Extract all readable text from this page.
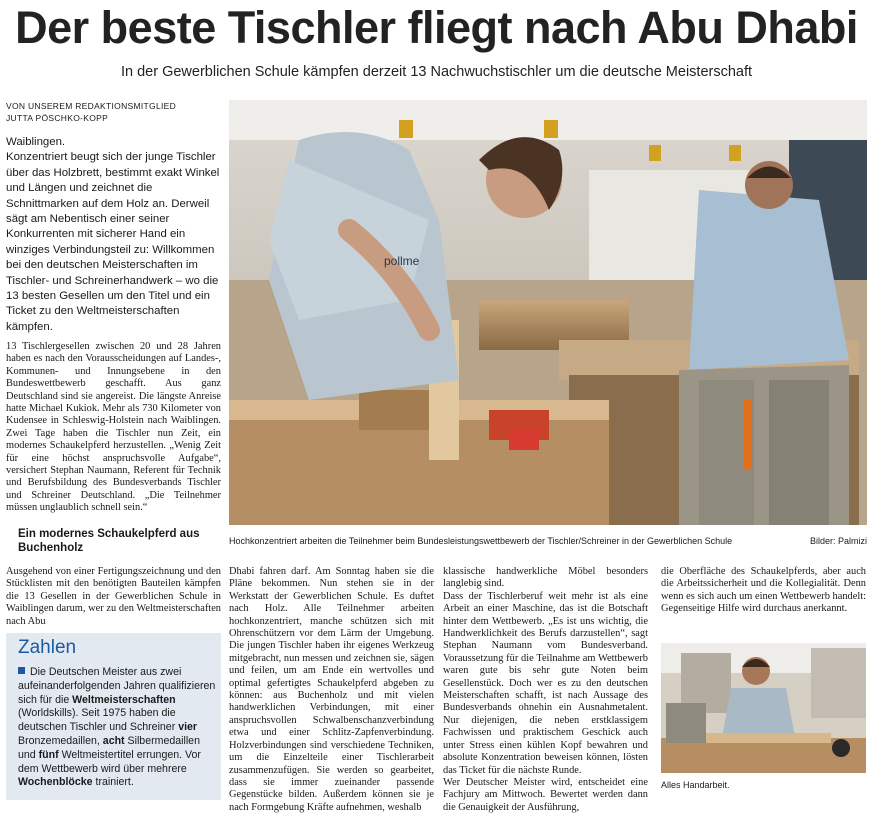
Der beste Tischler fliegt nach Abu Dhabi
In der Gewerblichen Schule kämpfen derzeit 13 Nachwuchstischler um die deutsche Meisterschaft
VON UNSEREM REDAKTIONSMITGLIED
JUTTA PÖSCHKO-KOPP

Waiblingen.
Konzentriert beugt sich der junge Tischler über das Holzbrett, bestimmt exakt Winkel und Längen und zeichnet die Schnittmarken auf dem Holz an. Derweil sägt am Nebentisch einer seiner Konkurrenten mit sicherer Hand ein winziges Verbindungsteil zu: Willkommen bei den deutschen Meisterschaften im Tischler- und Schreinerhandwerk – wo die 13 besten Gesellen um den Titel und ein Ticket zu den Weltmeisterschaften kämpfen.

13 Tischlergesellen zwischen 20 und 28 Jahren haben es nach den Vorausscheidungen auf Landes-, Kommunen- und Innungsebene in den Bundeswettbewerb geschafft. Aus ganz Deutschland sind sie angereist. Die längste Anreise hatte Michael Kukiok. Mehr als 730 Kilometer von Kudensee in Schleswig-Holstein nach Waiblingen. Zwei Tage haben die Tischler nun Zeit, ein modernes Schaukelpferd herzustellen. „Wenig Zeit für eine höchst anspruchsvolle Aufgabe“, versichert Stephan Naumann, Referent für Technik und Berufsbildung des Bundesverbands Tischler und Schreiner Deutschland. „Die Teilnehmer müssen unglaublich schnell sein.“

Ein modernes Schaukelpferd aus Buchenholz

Ausgehend von einer Fertigungszeichnung und den Stücklisten mit den benötigten Bauteilen kämpfen die 13 Gesellen in der Gewerblichen Schule in Waiblingen darum, wer zu den Weltmeisterschaften nach Abu

Dhabi fahren darf. Am Sonntag haben sie die Pläne bekommen. Nun stehen sie in der Werkstatt der Gewerblichen Schule. Es duftet nach Holz. Alle Teilnehmer arbeiten hochkonzentriert, manche schützen sich mit Ohrenschützern vor dem Lärm der Umgebung. Die jungen Tischler haben ihr eigenes Werkzeug mitgebracht, nun messen und zeichnen sie, sägen und feilen, um am Ende ein wertvolles und optimal gefertigtes Schaukelpferd abgeben zu können: aus Buchenholz und mit vielen handwerklichen Verbindungen, mit einer anspruchsvollen Schwalbenschanzverbindung etwa und einer Schlitz-Zapfenverbindung. Holzverbindungen sind verschiedene Techniken, um die Einzelteile einer Tischlerarbeit zusammenzufügen. Sie werden so gearbeitet, dass sie immer zueinander passende Gegenstücke bilden. Außerdem können sie je nach Formgebung Kräfte aufnehmen, weshalb

klassische handwerkliche Möbel besonders langlebig sind.
Dass der Tischlerberuf weit mehr ist als eine Arbeit an einer Maschine, das ist die Botschaft hinter dem Wettbewerb. „Es ist uns wichtig, die Handwerklichkeit des Berufs darzustellen“, sagt Stephan Naumann vom Bundesverband. Voraussetzung für die Teilnahme am Wettbewerb waren gute bis sehr gute Noten beim Gesellenstück. Doch wer es zu den deutschen Meisterschaften schafft, ist nach Aussage des Bundesverbands ohnehin ein Ausnahmetalent. Nur diejenigen, die neben erstklassigem Fachwissen und praktischem Geschick auch unter Stress einen kühlen Kopf bewahren und absolute Konzentration beweisen können, lösten das Ticket für die nächste Runde.
Wer Deutscher Meister wird, entscheidet eine Fachjury am Mittwoch. Bewertet werden dann die Genauigkeit der Ausführung,

die Oberfläche des Schaukelpferds, aber auch die Arbeitssicherheit und die Kollegialität. Denn wenn es sich auch um einen Wettbewerb handelt: Gegenseitige Hilfe wird durchaus anerkannt.

pollme
Hochkonzentriert arbeiten die Teilnehmer beim Bundesleistungswettbewerb der Tischler/Schreiner in der Gewerblichen Schule	Bilder: Palmizi
Zahlen
Die Deutschen Meister aus zwei aufeinanderfolgenden Jahren qualifizieren sich für die Weltmeisterschaften (Worldskills). Seit 1975 haben die deutschen Tischler und Schreiner vier Bronzemedaillen, acht Silbermedaillen und fünf Weltmeistertitel errungen. Vor dem Wettbewerb wird über mehrere Wochenblöcke trainiert.	Alles Handarbeit.
